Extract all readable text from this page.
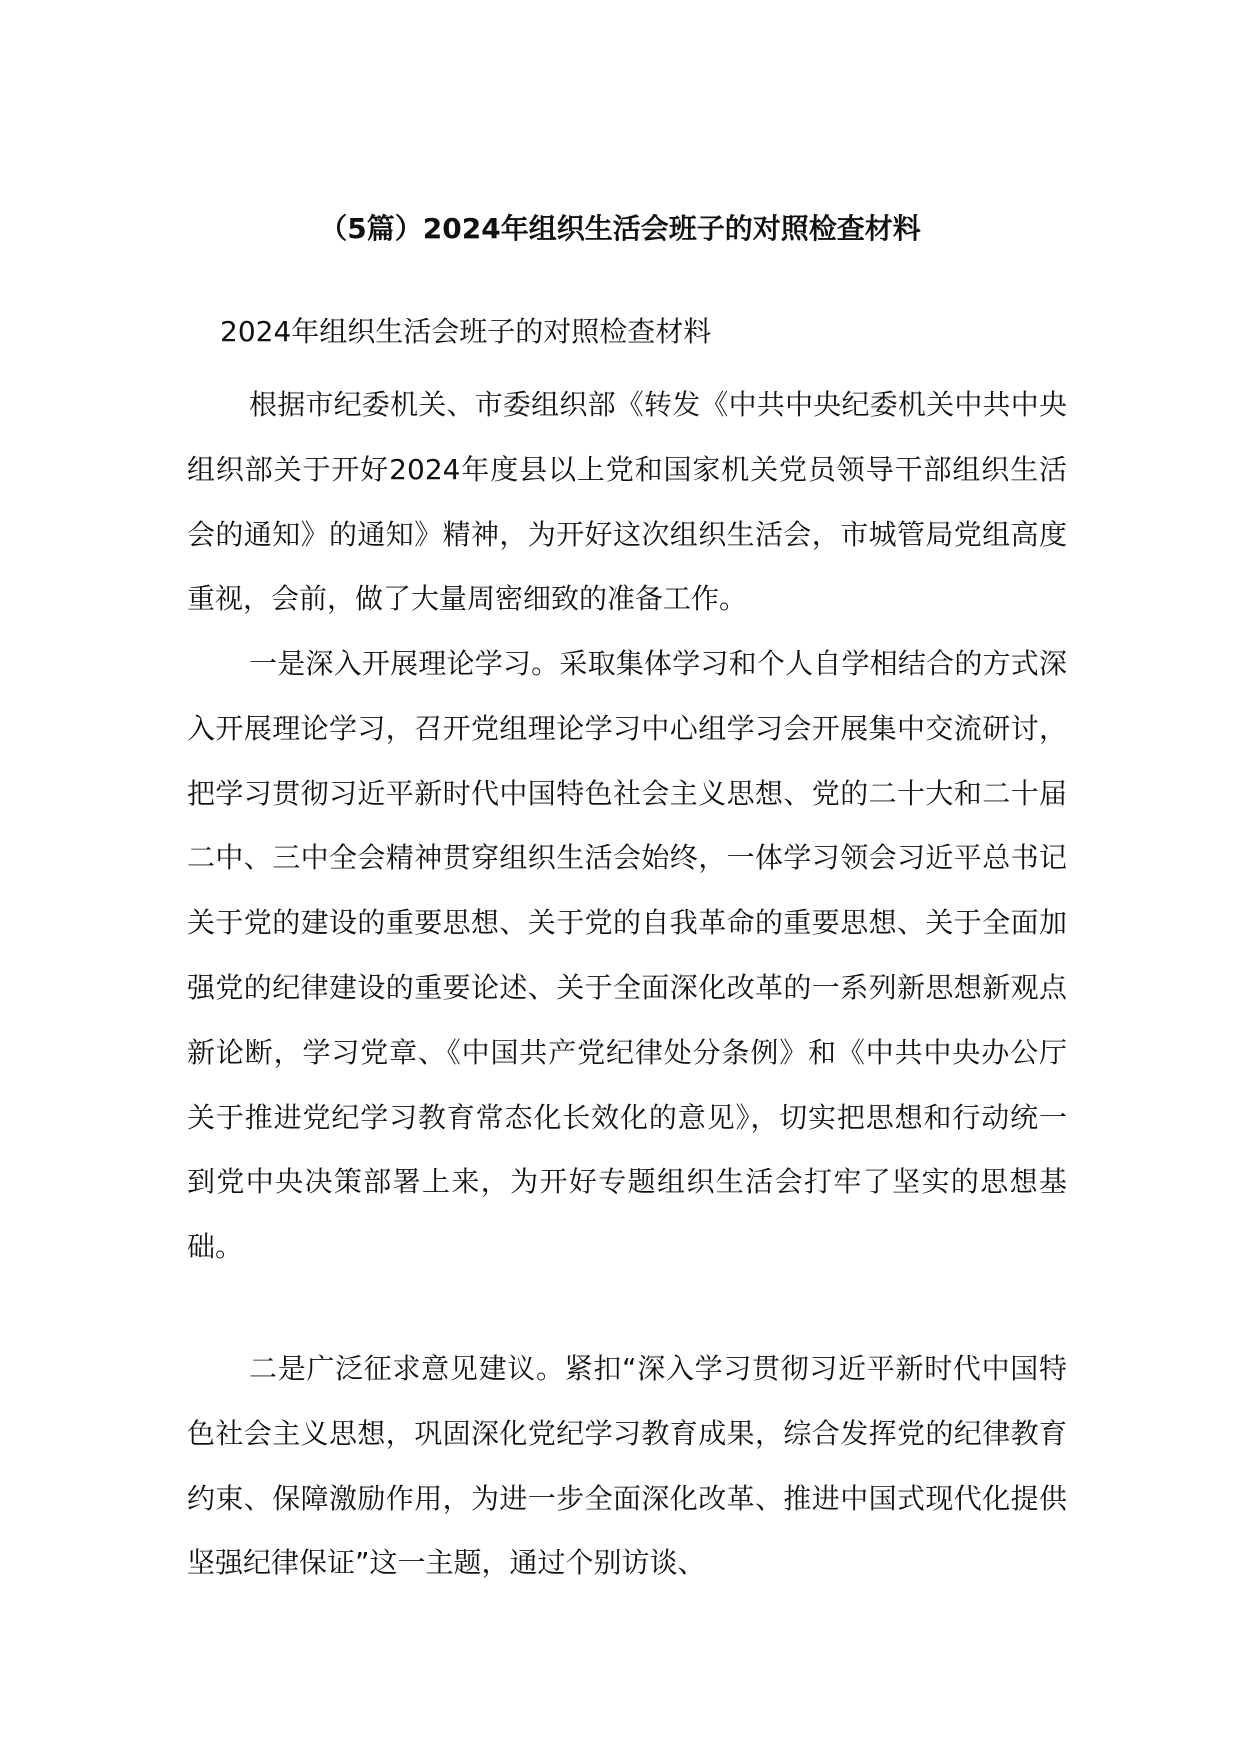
（5篇）2024年组织生活会班子的对照检查材料
2024年组织生活会班子的对照检查材料

根据市纪委机关、市委组织部《转发《中共中央纪委机关中共中央组织部关于开好2024年度县以上党和国家机关党员领导干部组织生活会的通知》的通知》精神，为开好这次组织生活会，市城管局党组高度重视，会前，做了大量周密细致的准备工作。

一是深入开展理论学习。采取集体学习和个人自学相结合的方式深入开展理论学习，召开党组理论学习中心组学习会开展集中交流研讨，把学习贯彻习近平新时代中国特色社会主义思想、党的二十大和二十届二中、三中全会精神贯穿组织生活会始终，一体学习领会习近平总书记关于党的建设的重要思想、关于党的自我革命的重要思想、关于全面加强党的纪律建设的重要论述、关于全面深化改革的一系列新思想新观点新论断，学习党章、《中国共产党纪律处分条例》和《中共中央办公厅关于推进党纪学习教育常态化长效化的意见》，切实把思想和行动统一到党中央决策部署上来，为开好专题组织生活会打牢了坚实的思想基础。

二是广泛征求意见建议。紧扣“深入学习贯彻习近平新时代中国特色社会主义思想，巩固深化党纪学习教育成果，综合发挥党的纪律教育约束、保障激励作用，为进一步全面深化改革、推进中国式现代化提供坚强纪律保证”这一主题，通过个别访谈、
